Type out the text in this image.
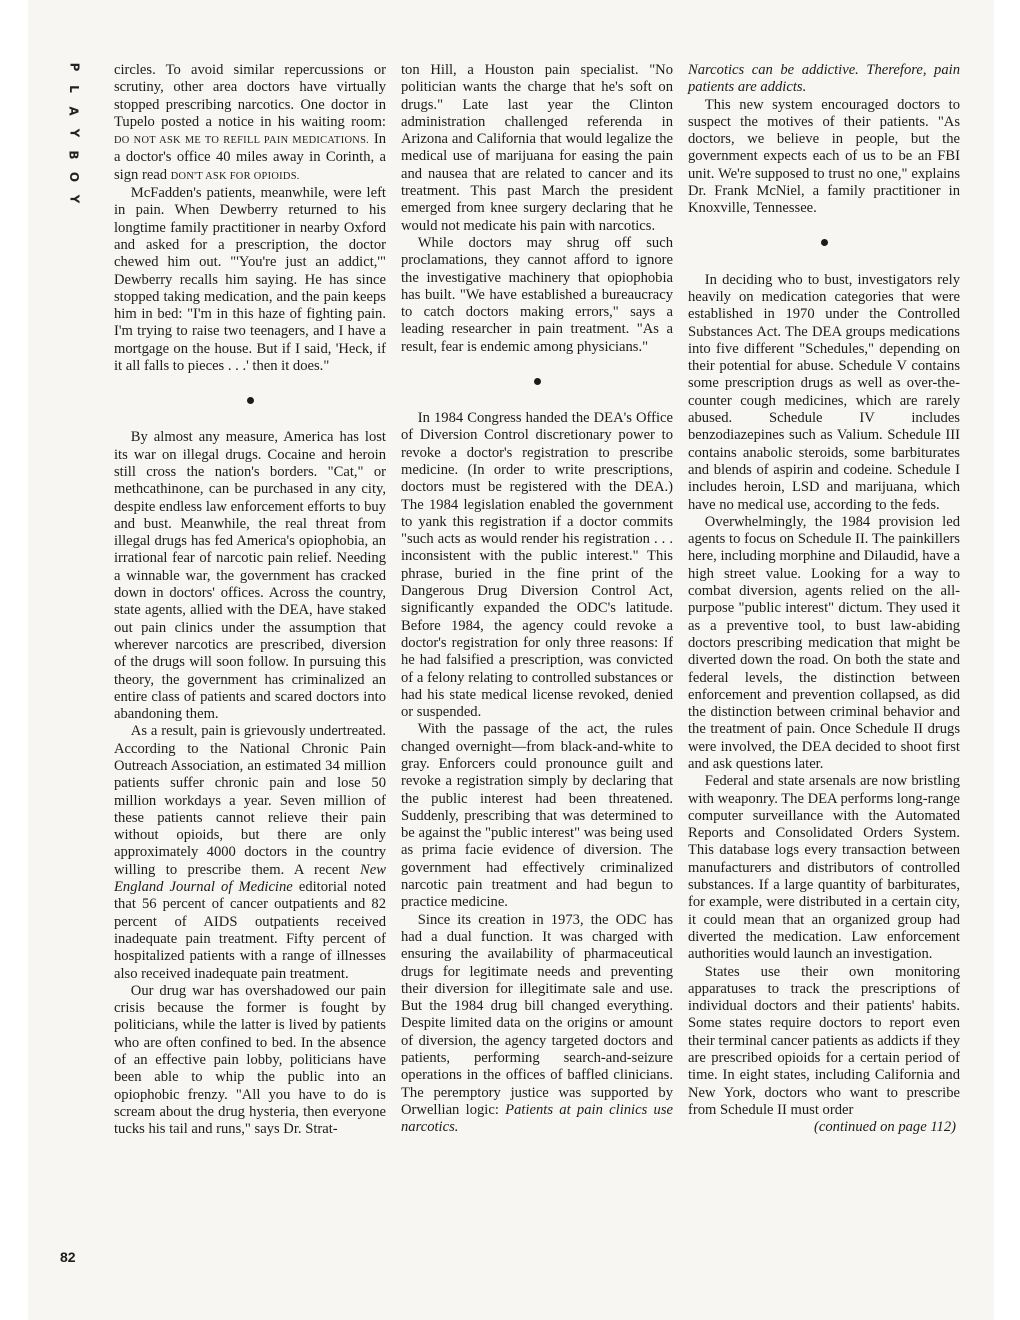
P
L
A
Y
B
O
Y
82

circles. To avoid similar repercussions or scrutiny, other area doctors have virtually stopped prescribing narcotics. One doctor in Tupelo posted a notice in his waiting room: DO NOT ASK ME TO REFILL PAIN MEDICATIONS. In a doctor's office 40 miles away in Corinth, a sign read DON'T ASK FOR OPIOIDS.

McFadden's patients, meanwhile, were left in pain. When Dewberry returned to his longtime family practitioner in nearby Oxford and asked for a prescription, the doctor chewed him out. "'You're just an addict,'" Dewberry recalls him saying. He has since stopped taking medication, and the pain keeps him in bed: "I'm in this haze of fighting pain. I'm trying to raise two teenagers, and I have a mortgage on the house. But if I said, 'Heck, if it all falls to pieces . . .' then it does."

By almost any measure, America has lost its war on illegal drugs. Cocaine and heroin still cross the nation's borders. "Cat," or methcathinone, can be purchased in any city, despite endless law enforcement efforts to buy and bust. Meanwhile, the real threat from illegal drugs has fed America's opiophobia, an irrational fear of narcotic pain relief. Needing a winnable war, the government has cracked down in doctors' offices. Across the country, state agents, allied with the DEA, have staked out pain clinics under the assumption that wherever narcotics are prescribed, diversion of the drugs will soon follow. In pursuing this theory, the government has criminalized an entire class of patients and scared doctors into abandoning them.

As a result, pain is grievously undertreated. According to the National Chronic Pain Outreach Association, an estimated 34 million patients suffer chronic pain and lose 50 million workdays a year. Seven million of these patients cannot relieve their pain without opioids, but there are only approximately 4000 doctors in the country willing to prescribe them. A recent New England Journal of Medicine editorial noted that 56 percent of cancer outpatients and 82 percent of AIDS outpatients received inadequate pain treatment. Fifty percent of hospitalized patients with a range of illnesses also received inadequate pain treatment.

Our drug war has overshadowed our pain crisis because the former is fought by politicians, while the latter is lived by patients who are often confined to bed. In the absence of an effective pain lobby, politicians have been able to whip the public into an opiophobic frenzy. "All you have to do is scream about the drug hysteria, then everyone tucks his tail and runs," says Dr. Strat-

ton Hill, a Houston pain specialist. "No politician wants the charge that he's soft on drugs." Late last year the Clinton administration challenged referenda in Arizona and California that would legalize the medical use of marijuana for easing the pain and nausea that are related to cancer and its treatment. This past March the president emerged from knee surgery declaring that he would not medicate his pain with narcotics.

While doctors may shrug off such proclamations, they cannot afford to ignore the investigative machinery that opiophobia has built. "We have established a bureaucracy to catch doctors making errors," says a leading researcher in pain treatment. "As a result, fear is endemic among physicians."

In 1984 Congress handed the DEA's Office of Diversion Control discretionary power to revoke a doctor's registration to prescribe medicine. (In order to write prescriptions, doctors must be registered with the DEA.) The 1984 legislation enabled the government to yank this registration if a doctor commits "such acts as would render his registration . . . inconsistent with the public interest." This phrase, buried in the fine print of the Dangerous Drug Diversion Control Act, significantly expanded the ODC's latitude. Before 1984, the agency could revoke a doctor's registration for only three reasons: If he had falsified a prescription, was convicted of a felony relating to controlled substances or had his state medical license revoked, denied or suspended.

With the passage of the act, the rules changed overnight—from black-and-white to gray. Enforcers could pronounce guilt and revoke a registration simply by declaring that the public interest had been threatened. Suddenly, prescribing that was determined to be against the "public interest" was being used as prima facie evidence of diversion. The government had effectively criminalized narcotic pain treatment and had begun to practice medicine.

Since its creation in 1973, the ODC has had a dual function. It was charged with ensuring the availability of pharmaceutical drugs for legitimate needs and preventing their diversion for illegitimate sale and use. But the 1984 drug bill changed everything. Despite limited data on the origins or amount of diversion, the agency targeted doctors and patients, performing search-and-seizure operations in the offices of baffled clinicians. The peremptory justice was supported by Orwellian logic: Patients at pain clinics use narcotics.

Narcotics can be addictive. Therefore, pain patients are addicts.

This new system encouraged doctors to suspect the motives of their patients. "As doctors, we believe in people, but the government expects each of us to be an FBI unit. We're supposed to trust no one," explains Dr. Frank McNiel, a family practitioner in Knoxville, Tennessee.

In deciding who to bust, investigators rely heavily on medication categories that were established in 1970 under the Controlled Substances Act. The DEA groups medications into five different "Schedules," depending on their potential for abuse. Schedule V contains some prescription drugs as well as over-the-counter cough medicines, which are rarely abused. Schedule IV includes benzodiazepines such as Valium. Schedule III contains anabolic steroids, some barbiturates and blends of aspirin and codeine. Schedule I includes heroin, LSD and marijuana, which have no medical use, according to the feds.

Overwhelmingly, the 1984 provision led agents to focus on Schedule II. The painkillers here, including morphine and Dilaudid, have a high street value. Looking for a way to combat diversion, agents relied on the all-purpose "public interest" dictum. They used it as a preventive tool, to bust law-abiding doctors prescribing medication that might be diverted down the road. On both the state and federal levels, the distinction between enforcement and prevention collapsed, as did the distinction between criminal behavior and the treatment of pain. Once Schedule II drugs were involved, the DEA decided to shoot first and ask questions later.

Federal and state arsenals are now bristling with weaponry. The DEA performs long-range computer surveillance with the Automated Reports and Consolidated Orders System. This database logs every transaction between manufacturers and distributors of controlled substances. If a large quantity of barbiturates, for example, were distributed in a certain city, it could mean that an organized group had diverted the medication. Law enforcement authorities would launch an investigation.

States use their own monitoring apparatuses to track the prescriptions of individual doctors and their patients' habits. Some states require doctors to report even their terminal cancer patients as addicts if they are prescribed opioids for a certain period of time. In eight states, including California and New York, doctors who want to prescribe from Schedule II must order

(continued on page 112)
